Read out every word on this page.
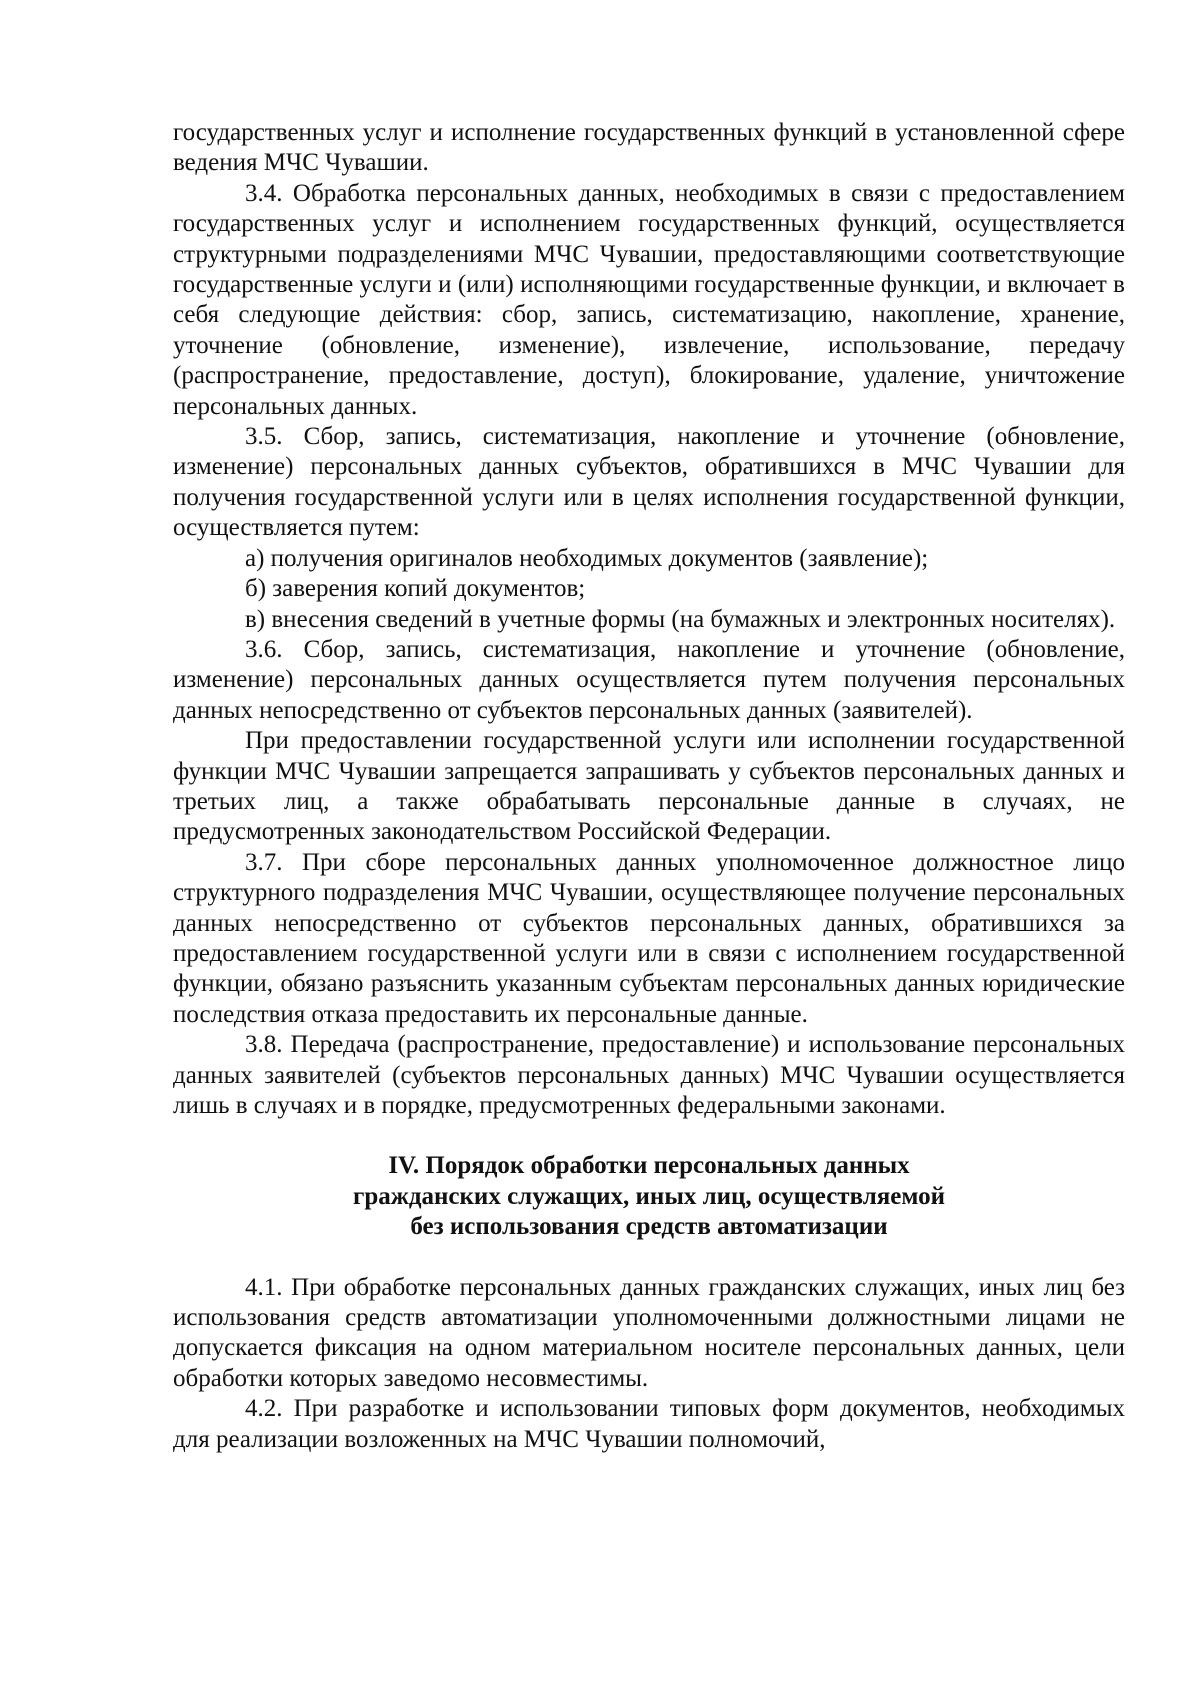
государственных услуг и исполнение государственных функций в установленной сфере ведения МЧС Чувашии.

3.4. Обработка персональных данных, необходимых в связи с предоставлением государственных услуг и исполнением государственных функций, осуществляется структурными подразделениями МЧС Чувашии, предоставляющими соответствующие государственные услуги и (или) исполняющими государственные функции, и включает в себя следующие действия: сбор, запись, систематизацию, накопление, хранение, уточнение (обновление, изменение), извлечение, использование, передачу (распространение, предоставление, доступ), блокирование, удаление, уничтожение персональных данных.

3.5. Сбор, запись, систематизация, накопление и уточнение (обновление, изменение) персональных данных субъектов, обратившихся в МЧС Чувашии для получения государственной услуги или в целях исполнения государственной функции, осуществляется путем:

а) получения оригиналов необходимых документов (заявление);

б) заверения копий документов;

в) внесения сведений в учетные формы (на бумажных и электронных носителях).

3.6. Сбор, запись, систематизация, накопление и уточнение (обновление, изменение) персональных данных осуществляется путем получения персональных данных непосредственно от субъектов персональных данных (заявителей).

При предоставлении государственной услуги или исполнении государственной функции МЧС Чувашии запрещается запрашивать у субъектов персональных данных и третьих лиц, а также обрабатывать персональные данные в случаях, не предусмотренных законодательством Российской Федерации.

3.7. При сборе персональных данных уполномоченное должностное лицо структурного подразделения МЧС Чувашии, осуществляющее получение персональных данных непосредственно от субъектов персональных данных, обратившихся за предоставлением государственной услуги или в связи с исполнением государственной функции, обязано разъяснить указанным субъектам персональных данных юридические последствия отказа предоставить их персональные данные.

3.8. Передача (распространение, предоставление) и использование персональных данных заявителей (субъектов персональных данных) МЧС Чувашии осуществляется лишь в случаях и в порядке, предусмотренных федеральными законами.

IV. Порядок обработки персональных данных
гражданских служащих, иных лиц, осуществляемой
без использования средств автоматизации

4.1. При обработке персональных данных гражданских служащих, иных лиц без использования средств автоматизации уполномоченными должностными лицами не допускается фиксация на одном материальном носителе персональных данных, цели обработки которых заведомо несовместимы.

4.2. При разработке и использовании типовых форм документов, необходимых для реализации возложенных на МЧС Чувашии полномочий,
